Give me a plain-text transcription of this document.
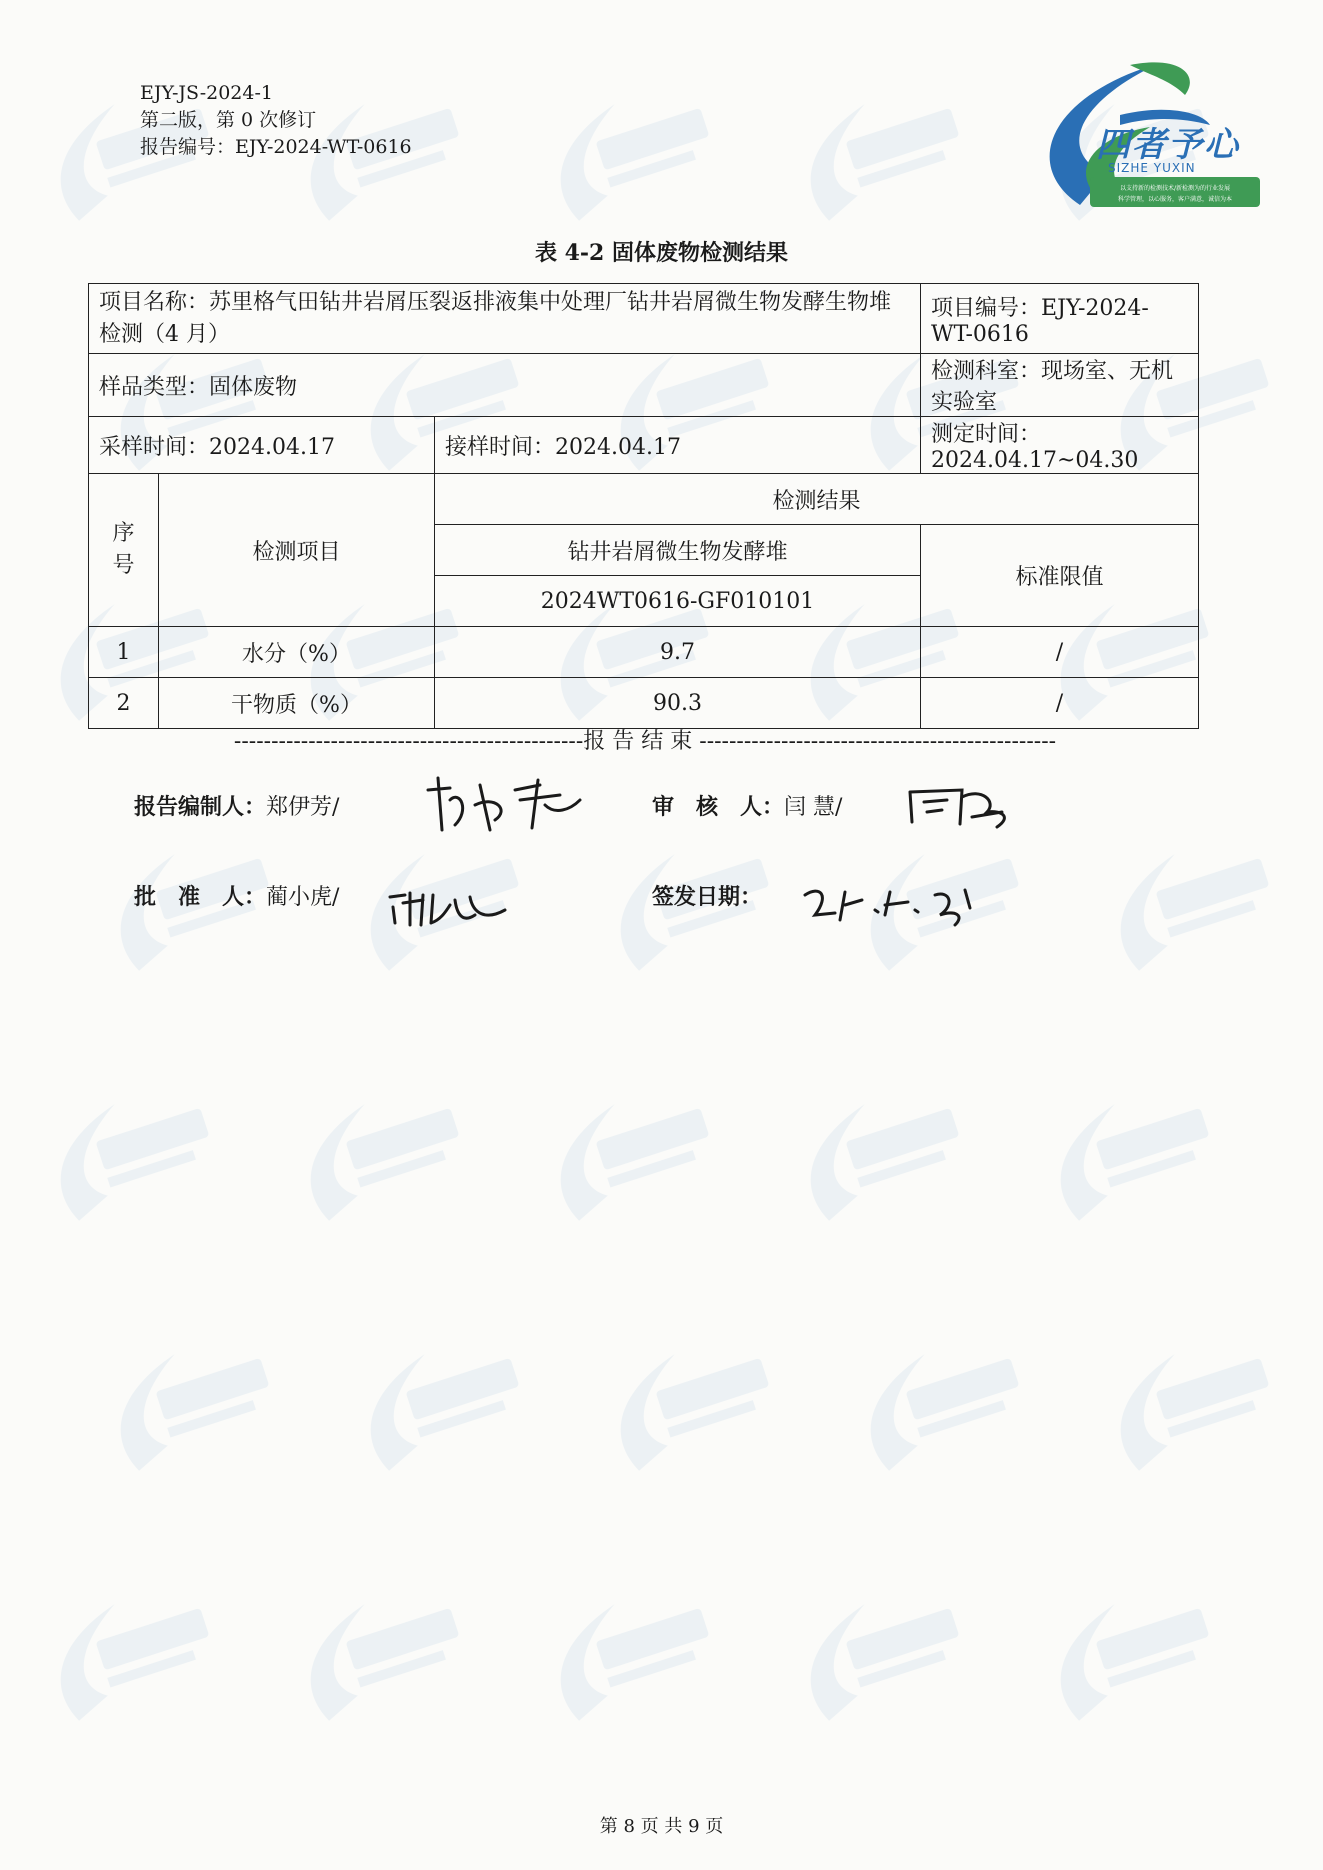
EJY-JS-2024-1
第二版，第 0 次修订
报告编号：EJY-2024-WT-0616	四者予心
SIZHE YUXIN
以支持新的检测技术/新检测为的行业发展
科学管理，以心服务，客户满意，诚信为本
表 4-2 固体废物检测结果
项目名称：苏里格气田钻井岩屑压裂返排液集中处理厂钻井岩屑微生物发酵生物堆检测（4 月）			项目编号：EJY-2024-WT-0616
样品类型：固体废物			检测科室：现场室、无机实验室
采样时间：2024.04.17		接样时间：2024.04.17	测定时间：2024.04.17~04.30
序号	检测项目	检测结果	
		钻井岩屑微生物发酵堆	标准限值
		2024WT0616-GF010101	
1	水分（%）	9.7	/
2	干物质（%）	90.3	/
-----------------------------------------------报 告 结 束 ------------------------------------------------
报告编制人：郑伊芳/	审　核　人：闫 慧/
批　准　人：蔺小虎/	签发日期：
第 8 页 共 9 页
